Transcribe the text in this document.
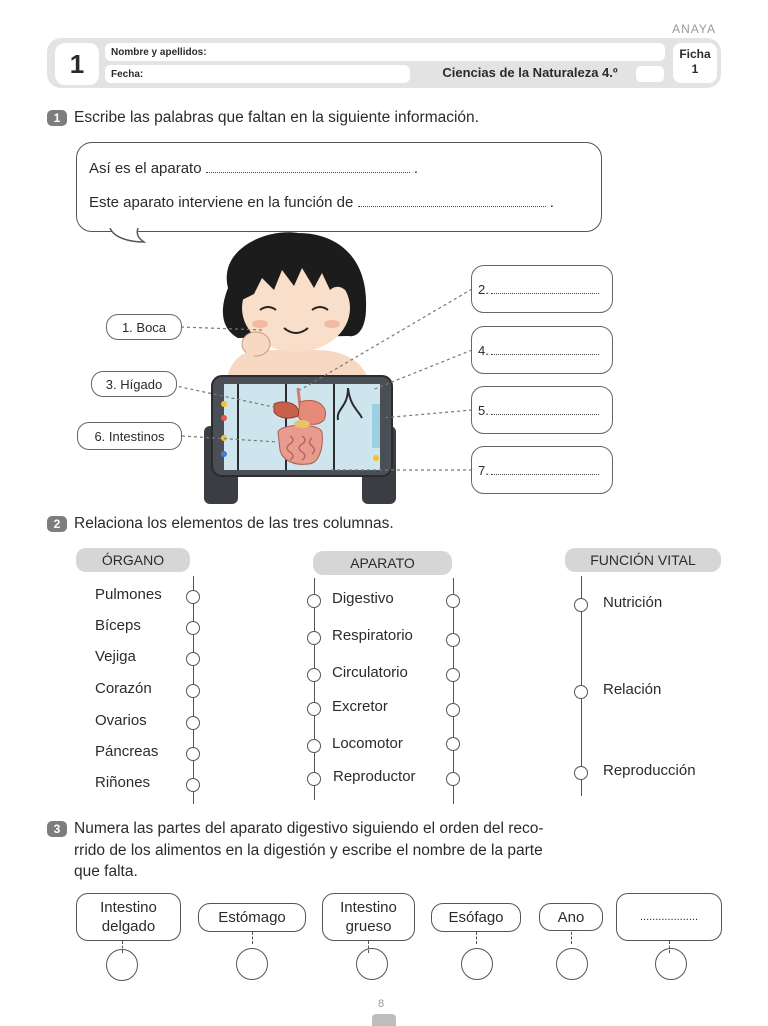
ANAYA
1	Nombre y apellidos:
Fecha:	Ciencias de la Naturaleza 4.º
Ficha
1
1 Escribe las palabras que faltan en la siguiente información.
Así es el aparato	.
Este aparato interviene en la función de	.
1.
Boca
3.
Hígado
6.
Intestinos
2.
4.
5.
7.
2 Relaciona los elementos de las tres columnas.
ÓRGANO	APARATO	FUNCIÓN VITAL
Pulmones
Bíceps
Vejiga
Corazón
Ovarios
Páncreas
Riñones
Digestivo
Respiratorio
Circulatorio
Excretor
Locomotor
Reproductor
Nutrición
Relación
Reproducción
3 Numera las partes del aparato digestivo siguiendo el orden del reco-
rrido de los alimentos en la digestión y escribe el nombre de la parte
que falta.
Intestino
delgado
Estómago
Intestino
grueso
Esófago	Ano	...................
8
